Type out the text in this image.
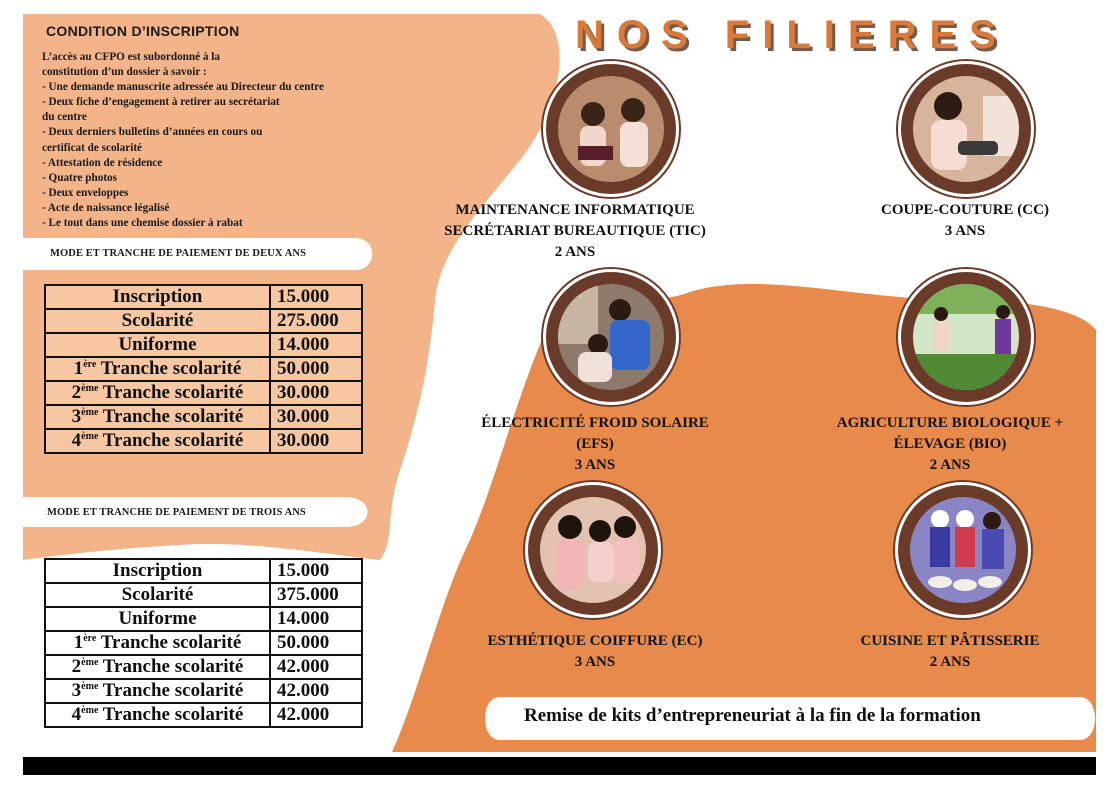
CONDITION D’INSCRIPTION
L’accès au CFPO est subordonné à la
constitution d’un dossier à savoir :
- Une demande manuscrite adressée au Directeur du centre
- Deux fiche d’engagement à retirer au secrétariat
du centre
- Deux derniers bulletins d’années en cours ou
certificat de scolarité
- Attestation de résidence
- Quatre photos
- Deux enveloppes
- Acte de naissance légalisé
- Le tout dans une chemise dossier à rabat
MODE ET TRANCHE DE PAIEMENT DE DEUX ANS
Inscription	15.000
Scolarité	275.000
Uniforme	14.000
1ère Tranche scolarité	50.000
2ème Tranche scolarité	30.000
3ème Tranche scolarité	30.000
4ème Tranche scolarité	30.000
MODE ET TRANCHE DE PAIEMENT DE TROIS ANS
Inscription	15.000
Scolarité	375.000
Uniforme	14.000
1ère Tranche scolarité	50.000
2ème Tranche scolarité	42.000
3ème Tranche scolarité	42.000
4ème Tranche scolarité	42.000
NOS FILIERES
MAINTENANCE INFORMATIQUE
SECRÉTARIAT BUREAUTIQUE (TIC)
2 ANS
COUPE-COUTURE (CC)
3 ANS
ÉLECTRICITÉ FROID SOLAIRE
(EFS)
3 ANS
AGRICULTURE BIOLOGIQUE +
ÉLEVAGE (BIO)
2 ANS
ESTHÉTIQUE COIFFURE (EC)
3 ANS
CUISINE ET PÂTISSERIE
2 ANS
Remise de kits d’entrepreneuriat à la fin de la formation
